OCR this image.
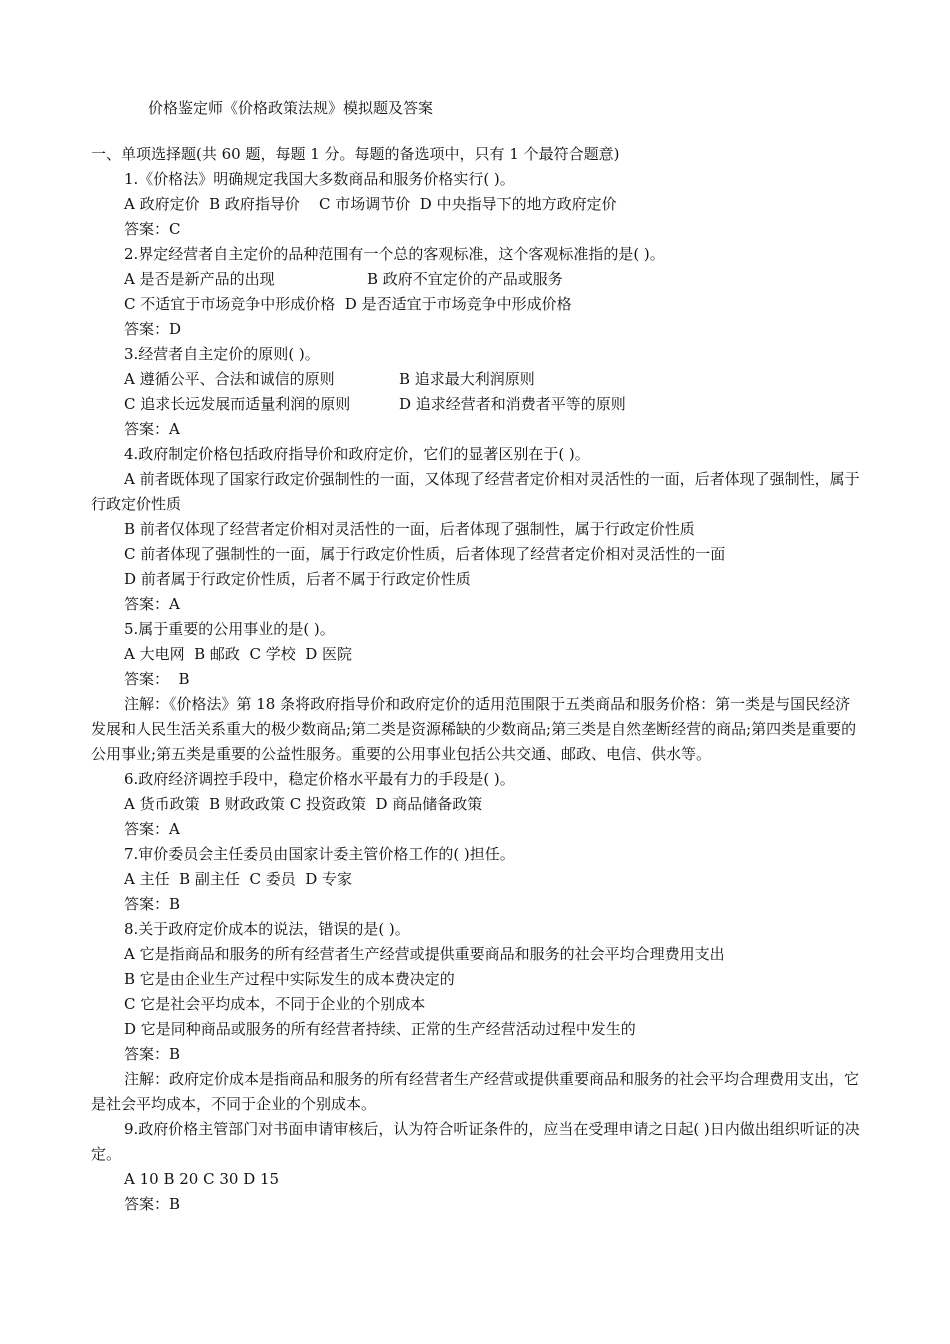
价格鉴定师《价格政策法规》模拟题及答案
一、单项选择题(共 60 题，每题 1 分。每题的备选项中，只有 1 个最符合题意)
1.《价格法》明确规定我国大多数商品和服务价格实行( )。
A 政府定价  B 政府指导价    C 市场调节价  D 中央指导下的地方政府定价
答案：C
2.界定经营者自主定价的品种范围有一个总的客观标准，这个客观标准指的是( )。
A 是否是新产品的出现	B 政府不宜定价的产品或服务
C 不适宜于市场竞争中形成价格  D 是否适宜于市场竞争中形成价格
答案：D
3.经营者自主定价的原则( )。
A 遵循公平、合法和诚信的原则	B 追求最大利润原则
C 追求长远发展而适量利润的原则	D 追求经营者和消费者平等的原则
答案：A
4.政府制定价格包括政府指导价和政府定价，它们的显著区别在于( )。
A 前者既体现了国家行政定价强制性的一面，又体现了经营者定价相对灵活性的一面，后者体现了强制性，属于行政定价性质
B 前者仅体现了经营者定价相对灵活性的一面，后者体现了强制性，属于行政定价性质
C 前者体现了强制性的一面，属于行政定价性质，后者体现了经营者定价相对灵活性的一面
D 前者属于行政定价性质，后者不属于行政定价性质
答案：A
5.属于重要的公用事业的是( )。
A 大电网  B 邮政  C 学校  D 医院
答案：  B
注解：《价格法》第 18 条将政府指导价和政府定价的适用范围限于五类商品和服务价格：第一类是与国民经济发展和人民生活关系重大的极少数商品;第二类是资源稀缺的少数商品;第三类是自然垄断经营的商品;第四类是重要的公用事业;第五类是重要的公益性服务。重要的公用事业包括公共交通、邮政、电信、供水等。
6.政府经济调控手段中，稳定价格水平最有力的手段是( )。
A 货币政策  B 财政政策 C 投资政策  D 商品储备政策
答案：A
7.审价委员会主任委员由国家计委主管价格工作的( )担任。
A 主任  B 副主任  C 委员  D 专家
答案：B
8.关于政府定价成本的说法，错误的是( )。
A 它是指商品和服务的所有经营者生产经营或提供重要商品和服务的社会平均合理费用支出
B 它是由企业生产过程中实际发生的成本费决定的
C 它是社会平均成本，不同于企业的个别成本
D 它是同种商品或服务的所有经营者持续、正常的生产经营活动过程中发生的
答案：B
注解：政府定价成本是指商品和服务的所有经营者生产经营或提供重要商品和服务的社会平均合理费用支出，它是社会平均成本，不同于企业的个别成本。
9.政府价格主管部门对书面申请审核后，认为符合听证条件的，应当在受理申请之日起( )日内做出组织听证的决定。
A 10 B 20 C 30 D 15
答案：B
